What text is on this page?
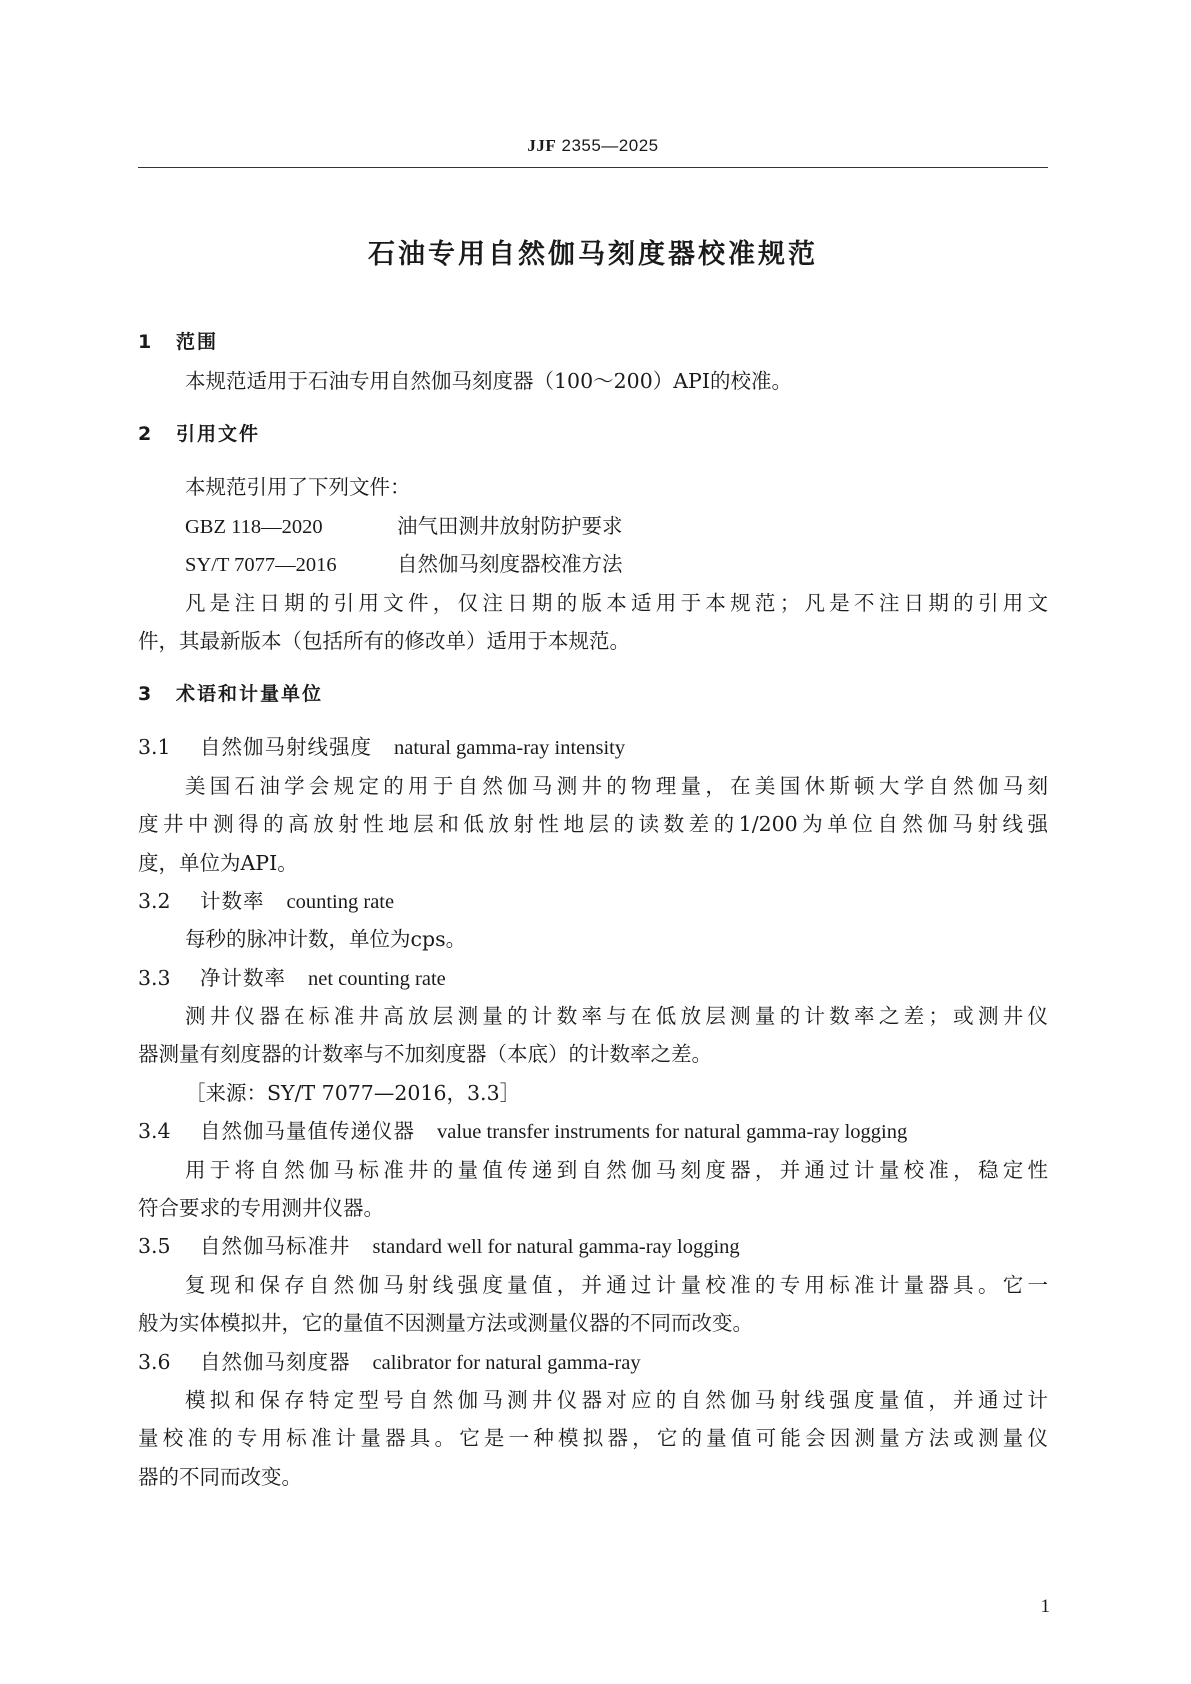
JJF 2355—2025
石油专用自然伽马刻度器校准规范
1 范围
本规范适用于石油专用自然伽马刻度器（100～200）API的校准。
2 引用文件
本规范引用了下列文件：
GBZ 118—2020	油气田测井放射防护要求
SY/T 7077—2016	自然伽马刻度器校准方法
凡是注日期的引用文件，仅注日期的版本适用于本规范；凡是不注日期的引用文
件，其最新版本（包括所有的修改单）适用于本规范。
3 术语和计量单位
3.1 自然伽马射线强度 natural gamma-ray intensity
美国石油学会规定的用于自然伽马测井的物理量，在美国休斯顿大学自然伽马刻
度井中测得的高放射性地层和低放射性地层的读数差的1/200为单位自然伽马射线强
度，单位为API。
3.2 计数率 counting rate
每秒的脉冲计数，单位为cps。
3.3 净计数率 net counting rate
测井仪器在标准井高放层测量的计数率与在低放层测量的计数率之差；或测井仪
器测量有刻度器的计数率与不加刻度器（本底）的计数率之差。
［来源：SY/T 7077—2016，3.3］
3.4 自然伽马量值传递仪器 value transfer instruments for natural gamma-ray logging
用于将自然伽马标准井的量值传递到自然伽马刻度器，并通过计量校准，稳定性
符合要求的专用测井仪器。
3.5 自然伽马标准井 standard well for natural gamma-ray logging
复现和保存自然伽马射线强度量值，并通过计量校准的专用标准计量器具。它一
般为实体模拟井，它的量值不因测量方法或测量仪器的不同而改变。
3.6 自然伽马刻度器 calibrator for natural gamma-ray
模拟和保存特定型号自然伽马测井仪器对应的自然伽马射线强度量值，并通过计
量校准的专用标准计量器具。它是一种模拟器，它的量值可能会因测量方法或测量仪
器的不同而改变。
1
